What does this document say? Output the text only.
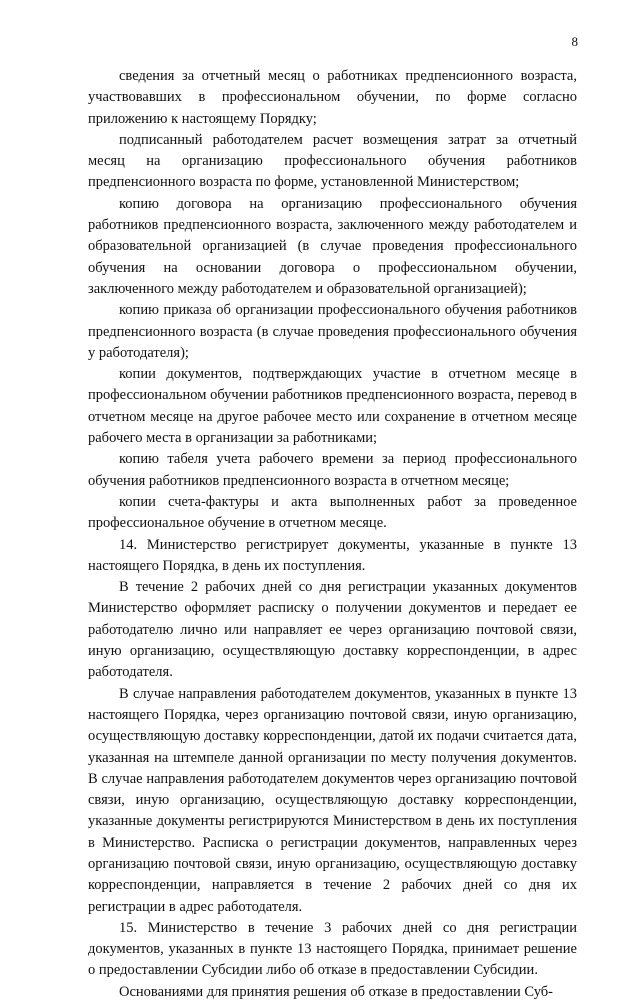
8

сведения за отчетный месяц о работниках предпенсионного возраста, участвовавших в профессиональном обучении, по форме согласно приложению к настоящему Порядку;

подписанный работодателем расчет возмещения затрат за отчетный месяц на организацию профессионального обучения работников предпенсионного возраста по форме, установленной Министерством;

копию договора на организацию профессионального обучения работников предпенсионного возраста, заключенного между работодателем и образовательной организацией (в случае проведения профессионального обучения на основании договора о профессиональном обучении, заключенного между работодателем и образовательной организацией);

копию приказа об организации профессионального обучения работников предпенсионного возраста (в случае проведения профессионального обучения у работодателя);

копии документов, подтверждающих участие в отчетном месяце в профессиональном обучении работников предпенсионного возраста, перевод в отчетном месяце на другое рабочее место или сохранение в отчетном месяце рабочего места в организации за работниками;

копию табеля учета рабочего времени за период профессионального обучения работников предпенсионного возраста в отчетном месяце;

копии счета-фактуры и акта выполненных работ за проведенное профессиональное обучение в отчетном месяце.

14. Министерство регистрирует документы, указанные в пункте 13 настоящего Порядка, в день их поступления.

В течение 2 рабочих дней со дня регистрации указанных документов Министерство оформляет расписку о получении документов и передает ее работодателю лично или направляет ее через организацию почтовой связи, иную организацию, осуществляющую доставку корреспонденции, в адрес работодателя.

В случае направления работодателем документов, указанных в пункте 13 настоящего Порядка, через организацию почтовой связи, иную организацию, осуществляющую доставку корреспонденции, датой их подачи считается дата, указанная на штемпеле данной организации по месту получения документов. В случае направления работодателем документов через организацию почтовой связи, иную организацию, осуществляющую доставку корреспонденции, указанные документы регистрируются Министерством в день их поступления в Министерство. Расписка о регистрации документов, направленных через организацию почтовой связи, иную организацию, осуществляющую доставку корреспонденции, направляется в течение 2 рабочих дней со дня их регистрации в адрес работодателя.

15. Министерство в течение 3 рабочих дней со дня регистрации документов, указанных в пункте 13 настоящего Порядка, принимает решение о предоставлении Субсидии либо об отказе в предоставлении Субсидии.

Основаниями для принятия решения об отказе в предоставлении Суб-
